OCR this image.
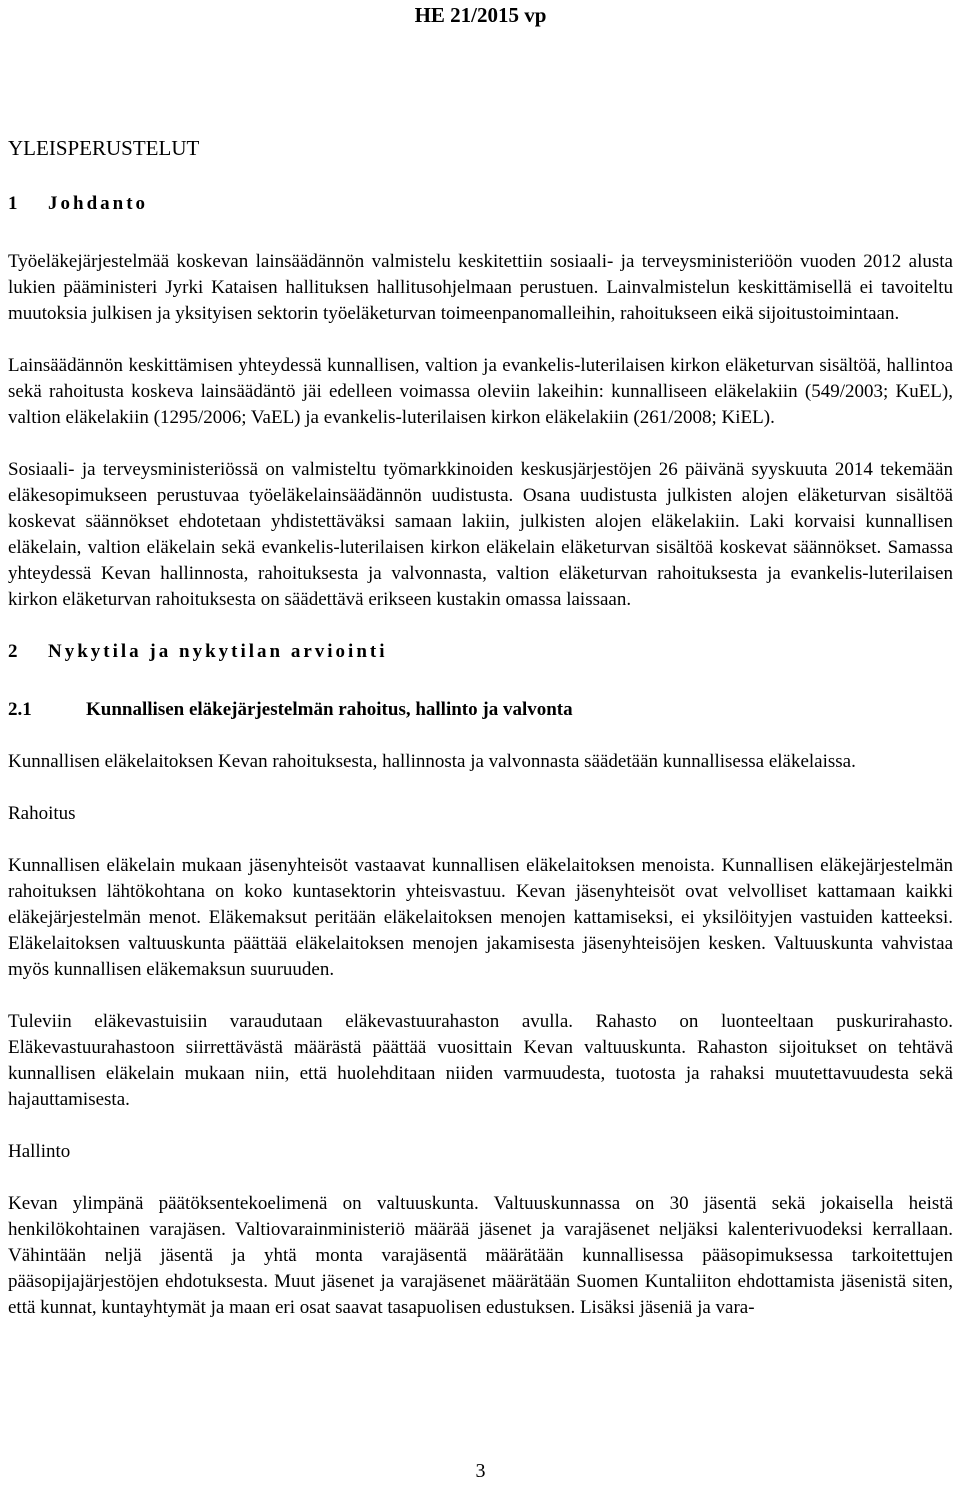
HE 21/2015 vp
YLEISPERUSTELUT
1 Johdanto

Työeläkejärjestelmää koskevan lainsäädännön valmistelu keskitettiin sosiaali- ja terveysministeriöön vuoden 2012 alusta lukien pääministeri Jyrki Kataisen hallituksen hallitusohjelmaan perustuen. Lainvalmistelun keskittämisellä ei tavoiteltu muutoksia julkisen ja yksityisen sektorin työeläketurvan toimeenpanomalleihin, rahoitukseen eikä sijoitustoimintaan.

Lainsäädännön keskittämisen yhteydessä kunnallisen, valtion ja evankelis-luterilaisen kirkon eläketurvan sisältöä, hallintoa sekä rahoitusta koskeva lainsäädäntö jäi edelleen voimassa oleviin lakeihin: kunnalliseen eläkelakiin (549/2003; KuEL), valtion eläkelakiin (1295/2006; VaEL) ja evankelis-luterilaisen kirkon eläkelakiin (261/2008; KiEL).

Sosiaali- ja terveysministeriössä on valmisteltu työmarkkinoiden keskusjärjestöjen 26 päivänä syyskuuta 2014 tekemään eläkesopimukseen perustuvaa työeläkelainsäädännön uudistusta. Osana uudistusta julkisten alojen eläketurvan sisältöä koskevat säännökset ehdotetaan yhdistettäväksi samaan lakiin, julkisten alojen eläkelakiin. Laki korvaisi kunnallisen eläkelain, valtion eläkelain sekä evankelis-luterilaisen kirkon eläkelain eläketurvan sisältöä koskevat säännökset. Samassa yhteydessä Kevan hallinnosta, rahoituksesta ja valvonnasta, valtion eläketurvan rahoituksesta ja evankelis-luterilaisen kirkon eläketurvan rahoituksesta on säädettävä erikseen kustakin omassa laissaan.

2 Nykytila ja nykytilan arviointi
2.1	Kunnallisen eläkejärjestelmän rahoitus, hallinto ja valvonta

Kunnallisen eläkelaitoksen Kevan rahoituksesta, hallinnosta ja valvonnasta säädetään kunnallisessa eläkelaissa.

Rahoitus

Kunnallisen eläkelain mukaan jäsenyhteisöt vastaavat kunnallisen eläkelaitoksen menoista. Kunnallisen eläkejärjestelmän rahoituksen lähtökohtana on koko kuntasektorin yhteisvastuu. Kevan jäsenyhteisöt ovat velvolliset kattamaan kaikki eläkejärjestelmän menot. Eläkemaksut peritään eläkelaitoksen menojen kattamiseksi, ei yksilöityjen vastuiden katteeksi. Eläkelaitoksen valtuuskunta päättää eläkelaitoksen menojen jakamisesta jäsenyhteisöjen kesken. Valtuuskunta vahvistaa myös kunnallisen eläkemaksun suuruuden.

Tuleviin eläkevastuisiin varaudutaan eläkevastuurahaston avulla. Rahasto on luonteeltaan puskurirahasto. Eläkevastuurahastoon siirrettävästä määrästä päättää vuosittain Kevan valtuuskunta. Rahaston sijoitukset on tehtävä kunnallisen eläkelain mukaan niin, että huolehditaan niiden varmuudesta, tuotosta ja rahaksi muutettavuudesta sekä hajauttamisesta.

Hallinto

Kevan ylimpänä päätöksentekoelimenä on valtuuskunta. Valtuuskunnassa on 30 jäsentä sekä jokaisella heistä henkilökohtainen varajäsen. Valtiovarainministeriö määrää jäsenet ja varajäsenet neljäksi kalenterivuodeksi kerrallaan. Vähintään neljä jäsentä ja yhtä monta varajäsentä määrätään kunnallisessa pääsopimuksessa tarkoitettujen pääsopijajärjestöjen ehdotuksesta. Muut jäsenet ja varajäsenet määrätään Suomen Kuntaliiton ehdottamista jäsenistä siten, että kunnat, kuntayhtymät ja maan eri osat saavat tasapuolisen edustuksen. Lisäksi jäseniä ja vara-

3
